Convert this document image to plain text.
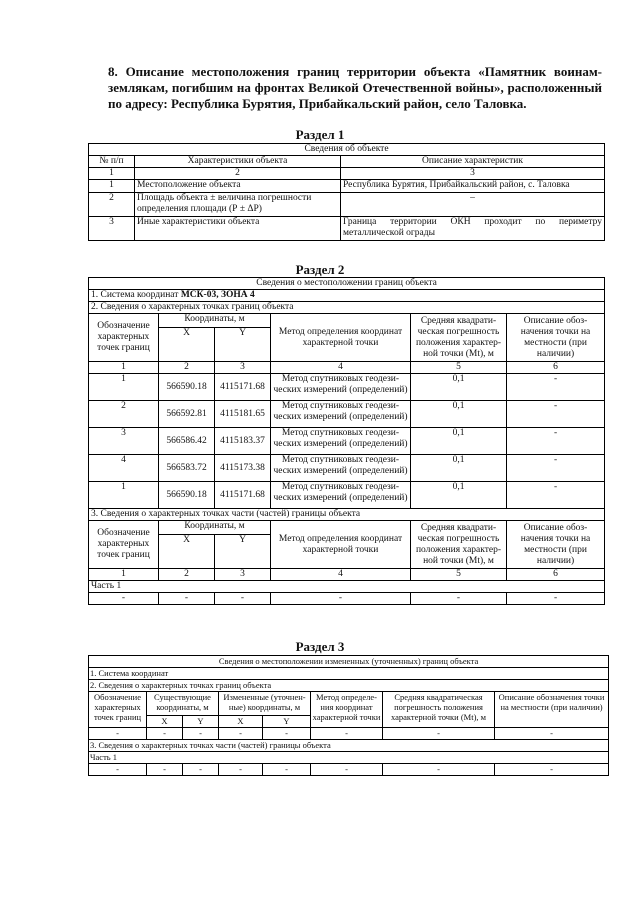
8. Описание местоположения границ территории объекта «Памятник воинам-землякам, погибшим на фронтах Великой Отечественной войны», расположенный по адресу: Республика Бурятия, Прибайкальский район, село Таловка.
Раздел 1
Сведения об объекте		
№ п/п	Характеристики объекта	Описание характеристик
1	2	3
1	Местоположение объекта	Республика Бурятия, Прибайкальский район, с. Таловка
2	Площадь объекта ± величина погрешности определения площади (Р ± ΔР)	–
3	Иные характеристики объекта	Граница территории ОКН проходит по периметру металлической ограды
Раздел 2
Сведения о местоположении границ объекта					
1. Система координат МСК-03, ЗОНА 4					
2. Сведения о характерных точках границ объекта					
Обозначение характерных точек границ	Координаты, м		Метод определения координат характерной точки	Средняя квадрати-ческая погрешность положения характер-ной точки (Mt), м	Описание обоз-начения точки на местности (при наличии)
	X	Y			
1	2	3	4	5	6
1	566590.18	4115171.68	Метод спутниковых геодези-ческих измерений (определений)	0,1	-
2	566592.81	4115181.65	Метод спутниковых геодези-ческих измерений (определений)	0,1	-
3	566586.42	4115183.37	Метод спутниковых геодези-ческих измерений (определений)	0,1	-
4	566583.72	4115173.38	Метод спутниковых геодези-ческих измерений (определений)	0,1	-
1	566590.18	4115171.68	Метод спутниковых геодези-ческих измерений (определений)	0,1	-
3. Сведения о характерных точках части (частей) границы объекта					
Обозначение характерных точек границ	Координаты, м		Метод определения координат характерной точки	Средняя квадрати-ческая погрешность положения характер-ной точки (Mt), м	Описание обоз-начения точки на местности (при наличии)
	X	Y			
1	2	3	4	5	6
Часть 1					
-	-	-	-	-	-
Раздел 3
Сведения о местоположении измененных (уточненных) границ объекта							
1. Система координат							
2. Сведения о характерных точках границ объекта							
Обозначение характерных точек границ	Существующие координаты, м		Измененные (уточнен-ные) координаты, м		Метод определе-ния координат характерной точки	Средняя квадратическая погрешность положения характерной точки (Mt), м	Описание обозначения точки на местности (при наличии)
	X	Y	X	Y			
-	-	-	-	-	-	-	-
3. Сведения о характерных точках части (частей) границы объекта							
Часть 1							
-	-	-	-	-	-	-	-
